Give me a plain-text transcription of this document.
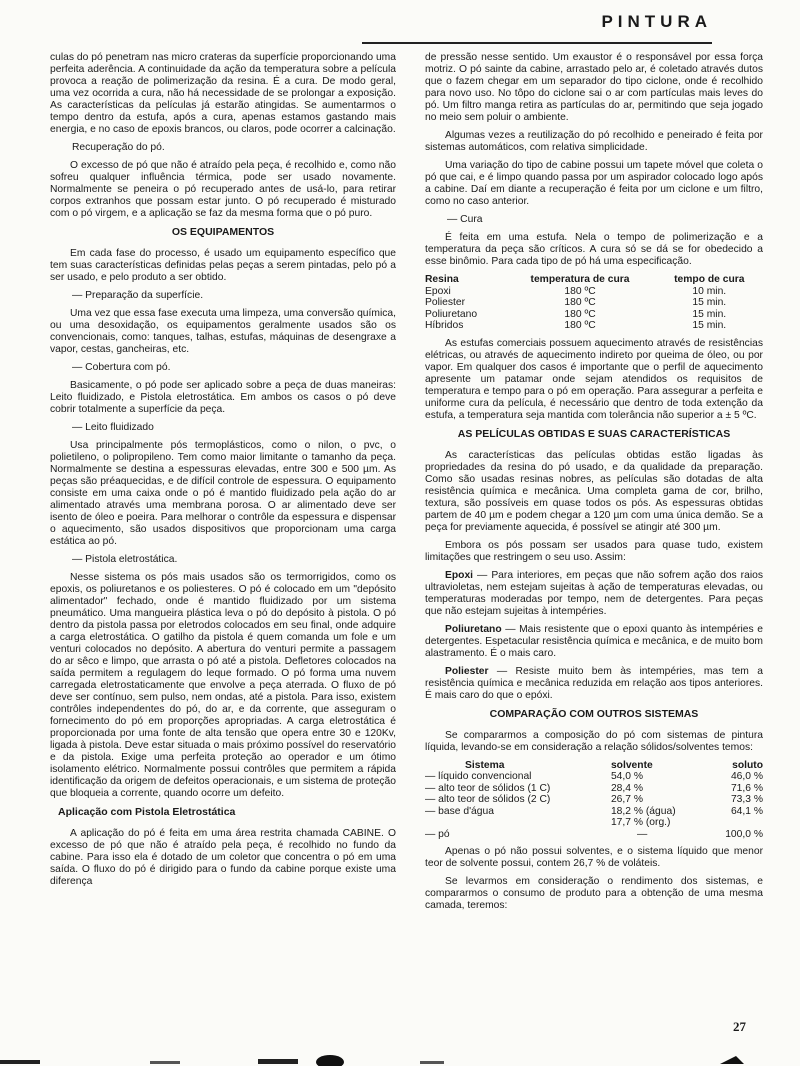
PINTURA

culas do pó penetram nas micro crateras da superfície proporcionando uma perfeita aderência. A continuidade da ação da temperatura sobre a película provoca a reação de polimerização da resina. É a cura. De modo geral, uma vez ocorrida a cura, não há necessidade de se prolongar a exposição. As características da películas já estarão atingidas. Se aumentarmos o tempo dentro da estufa, após a cura, apenas estamos gastando mais energia, e no caso de epoxis brancos, ou claros, pode ocorrer a calcinação.

Recuperação do pó.

O excesso de pó que não é atraído pela peça, é recolhido e, como não sofreu qualquer influência térmica, pode ser usado novamente. Normalmente se peneira o pó recuperado antes de usá-lo, para retirar corpos extranhos que possam estar junto. O pó recuperado é misturado com o pó virgem, e a aplicação se faz da mesma forma que o pó puro.

OS EQUIPAMENTOS

Em cada fase do processo, é usado um equipamento específico que tem suas características definidas pelas peças a serem pintadas, pelo pó a ser usado, e pelo produto a ser obtido.

— Preparação da superfície.

Uma vez que essa fase executa uma limpeza, uma conversão química, ou uma desoxidação, os equipamentos geralmente usados são os convencionais, como: tanques, talhas, estufas, máquinas de desengraxe a vapor, cestas, gancheiras, etc.

— Cobertura com pó.

Basicamente, o pó pode ser aplicado sobre a peça de duas maneiras: Leito fluidizado, e Pistola eletrostática. Em ambos os casos o pó deve cobrir totalmente a superfície da peça.

— Leito fluidizado

Usa principalmente pós termoplásticos, como o nilon, o pvc, o polietileno, o polipropileno. Tem como maior limitante o tamanho da peça. Normalmente se destina a espessuras elevadas, entre 300 e 500 µm. As peças são préaquecidas, e de difícil controle de espessura. O equipamento consiste em uma caixa onde o pó é mantido fluidizado pela ação do ar alimentado através uma membrana porosa. O ar alimentado deve ser isento de óleo e poeira. Para melhorar o contrôle da espessura e dispensar o aquecimento, são usados dispositivos que proporcionam uma carga estática ao pó.

— Pistola eletrostática.

Nesse sistema os pós mais usados são os termorrigidos, como os epoxis, os poliuretanos e os poliesteres. O pó é colocado em um "depósito alimentador" fechado, onde é mantido fluidizado por um sistema pneumático. Uma mangueira plástica leva o pó do depósito à pistola. O pó dentro da pistola passa por eletrodos colocados em seu final, onde adquire a carga eletrostática. O gatilho da pistola é quem comanda um fole e um venturi colocados no depósito. A abertura do venturi permite a passagem do ar sêco e limpo, que arrasta o pó até a pistola. Defletores colocados na saída permitem a regulagem do leque formado. O pó forma uma nuvem carregada eletrostaticamente que envolve a peça aterrada. O fluxo de pó deve ser contínuo, sem pulso, nem ondas, até a pistola. Para isso, existem contrôles independentes do pó, do ar, e da corrente, que asseguram o fornecimento do pó em proporções apropriadas. A carga eletrostática é proporcionada por uma fonte de alta tensão que opera entre 30 e 120Kv, ligada à pistola. Deve estar situada o mais próximo possível do reservatório e da pistola. Exige uma perfeita proteção ao operador e um ótimo isolamento elétrico. Normalmente possui contrôles que permitem a rápida identificação da origem de defeitos operacionais, e um sistema de proteção que bloqueia a corrente, quando ocorre um defeito.

Aplicação com Pistola Eletrostática

A aplicação do pó é feita em uma área restrita chamada CABINE. O excesso de pó que não é atraído pela peça, é recolhido no fundo da cabine. Para isso ela é dotado de um coletor que concentra o pó em uma saída. O fluxo do pó é dirigido para o fundo da cabine porque existe uma diferença

de pressão nesse sentido. Um exaustor é o responsável por essa força motriz. O pó sainte da cabine, arrastado pelo ar, é coletado através dutos que o fazem chegar em um separador do tipo ciclone, onde é recolhido para novo uso. No tôpo do ciclone sai o ar com partículas mais leves do pó. Um filtro manga retira as partículas do ar, permitindo que seja jogado no meio sem poluir o ambiente.

Algumas vezes a reutilização do pó recolhido e peneirado é feita por sistemas automáticos, com relativa simplicidade.

Uma variação do tipo de cabine possui um tapete móvel que coleta o pó que cai, e é limpo quando passa por um aspirador colocado logo após a cabine. Daí em diante a recuperação é feita por um ciclone e um filtro, como no caso anterior.

— Cura

É feita em uma estufa. Nela o tempo de polimerização e a temperatura da peça são críticos. A cura só se dá se for obedecido a esse binômio. Para cada tipo de pó há uma especificação.

Resina	temperatura de cura	tempo de cura
Epoxi	180 ºC	10 min.
Poliester	180 ºC	15 min.
Poliuretano	180 ºC	15 min.
Híbridos	180 ºC	15 min.

As estufas comerciais possuem aquecimento através de resistências elétricas, ou através de aquecimento indireto por queima de óleo, ou por vapor. Em qualquer dos casos é importante que o perfil de aquecimento apresente um patamar onde sejam atendidos os requisitos de temperatura e tempo para o pó em operação. Para assegurar a perfeita e uniforme cura da película, é necessário que dentro de toda extenção da estufa, a temperatura seja mantida com tolerância não superior a ± 5 ºC.

AS PELÍCULAS OBTIDAS E SUAS CARACTERÍSTICAS

As características das películas obtidas estão ligadas às propriedades da resina do pó usado, e da qualidade da preparação. Como são usadas resinas nobres, as películas são dotadas de alta resistência química e mecânica. Uma completa gama de cor, brilho, textura, são possíveis em quase todos os pós. As espessuras obtidas partem de 40 µm e podem chegar a 120 µm com uma única demão. Se a peça for previamente aquecida, é possível se atingir até 300 µm.

Embora os pós possam ser usados para quase tudo, existem limitações que restringem o seu uso. Assim:

Epoxi — Para interiores, em peças que não sofrem ação dos raios ultravioletas, nem estejam sujeitas à ação de temperaturas elevadas, ou temperaturas moderadas por tempo, nem de detergentes. Para peças que não estejam sujeitas à intempéries.

Poliuretano — Mais resistente que o epoxi quanto às intempéries e detergentes. Espetacular resistência química e mecânica, e de muito bom alastramento. É o mais caro.

Poliester — Resiste muito bem às intempéries, mas tem a resistência química e mecânica reduzida em relação aos tipos anteriores. É mais caro do que o epóxi.

COMPARAÇÃO COM OUTROS SISTEMAS

Se compararmos a composição do pó com sistemas de pintura líquida, levando-se em consideração a relação sólidos/solventes temos:

Sistema	solvente	soluto
— líquido convencional	54,0 %	46,0 %
— alto teor de sólidos (1 C)	28,4 %	71,6 %
— alto teor de sólidos (2 C)	26,7 %	73,3 %
— base d'água	18,2 % (água)	64,1 %
	17,7 % (org.)	
— pó	—	100,0 %

Apenas o pó não possui solventes, e o sistema líquido que menor teor de solvente possui, contem 26,7 % de voláteis.

Se levarmos em consideração o rendimento dos sistemas, e compararmos o consumo de produto para a obtenção de uma mesma camada, teremos:

27
